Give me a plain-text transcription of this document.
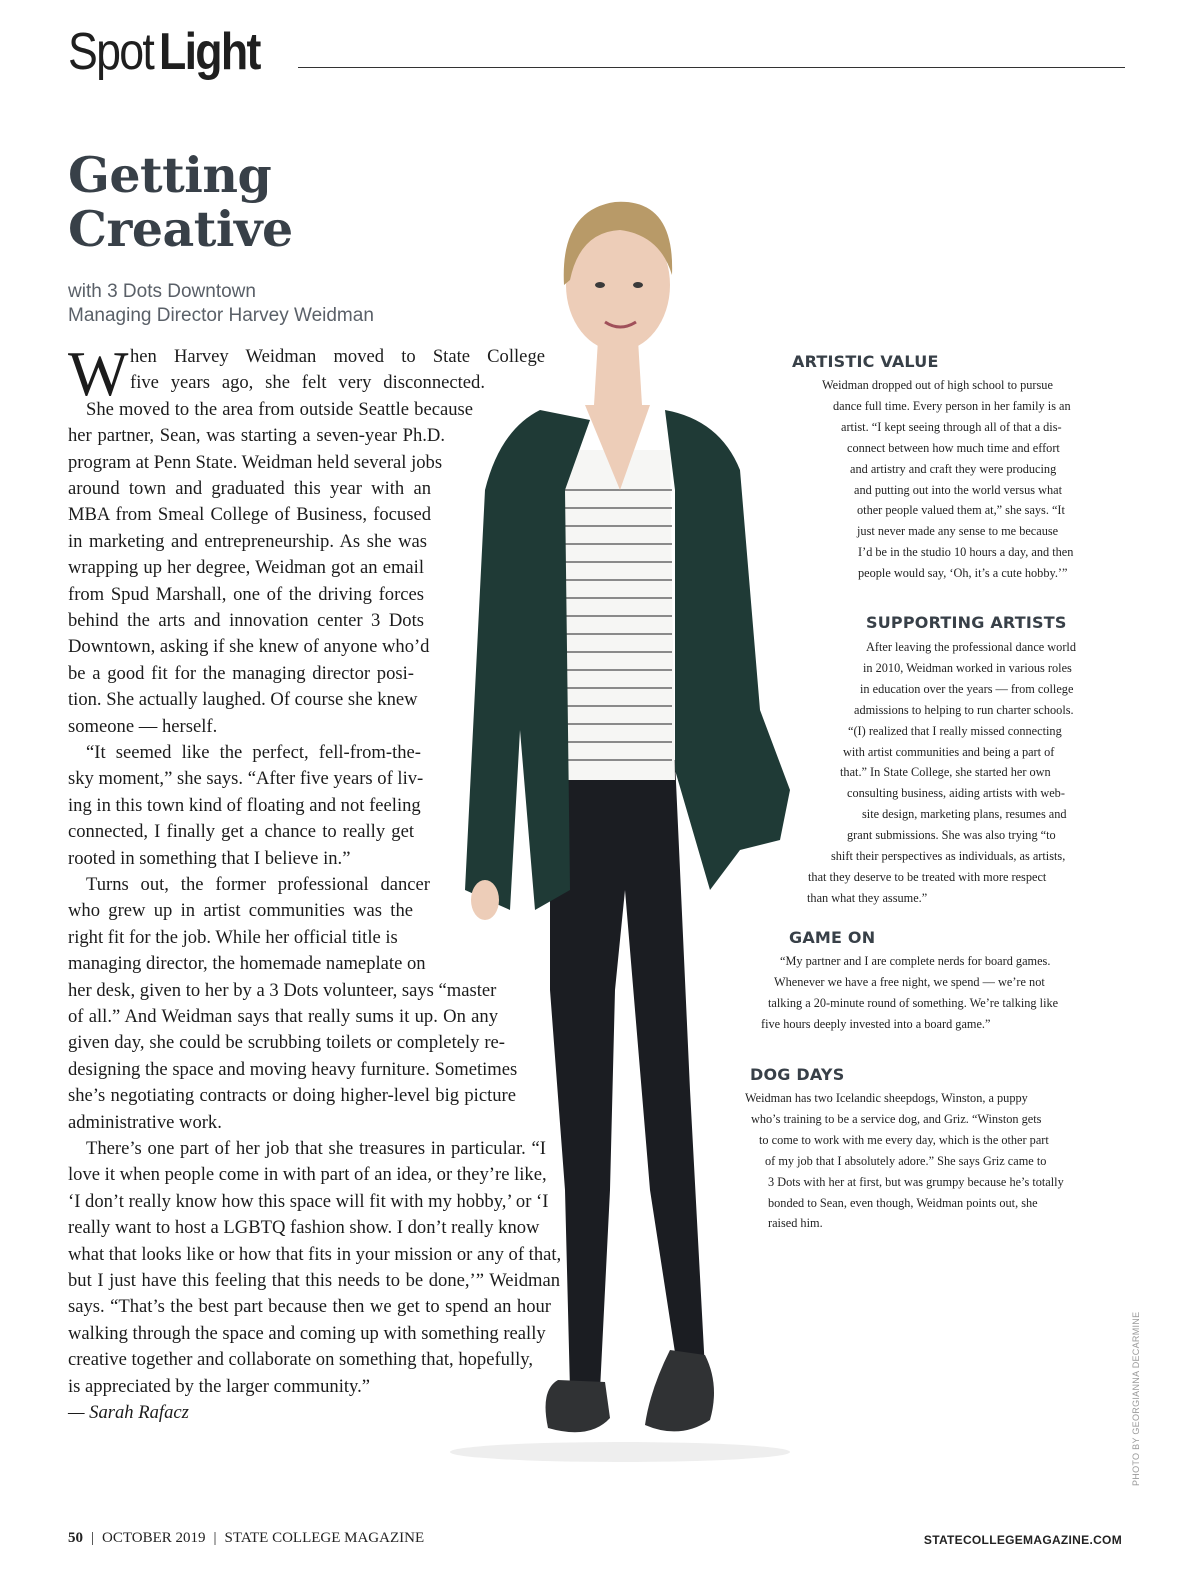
Spot Light
Getting
Creative
with 3 Dots Downtown
Managing Director Harvey Weidman
W hen Harvey Weidman moved to State College
five years ago, she felt very disconnected.
She moved to the area from outside Seattle because
her partner, Sean, was starting a seven-year Ph.D.
program at Penn State. Weidman held several jobs
around town and graduated this year with an
MBA from Smeal College of Business, focused
in marketing and entrepreneurship. As she was
wrapping up her degree, Weidman got an email
from Spud Marshall, one of the driving forces
behind the arts and innovation center 3 Dots
Downtown, asking if she knew of anyone who’d
be a good fit for the managing director posi-
tion. She actually laughed. Of course she knew
someone — herself.
“It seemed like the perfect, fell-from-the-
sky moment,” she says. “After five years of liv-
ing in this town kind of floating and not feeling
connected, I finally get a chance to really get
rooted in something that I believe in.”
Turns out, the former professional dancer
who grew up in artist communities was the
right fit for the job. While her official title is
managing director, the homemade nameplate on
her desk, given to her by a 3 Dots volunteer, says “master
of all.” And Weidman says that really sums it up. On any
given day, she could be scrubbing toilets or completely re-
designing the space and moving heavy furniture. Sometimes
she’s negotiating contracts or doing higher-level big picture
administrative work.
There’s one part of her job that she treasures in particular. “I
love it when people come in with part of an idea, or they’re like,
‘I don’t really know how this space will fit with my hobby,’ or ‘I
really want to host a LGBTQ fashion show. I don’t really know
what that looks like or how that fits in your mission or any of that,
but I just have this feeling that this needs to be done,’” Weidman
says. “That’s the best part because then we get to spend an hour
walking through the space and coming up with something really
creative together and collaborate on something that, hopefully,
is appreciated by the larger community.”
— Sarah Rafacz
ARTISTIC VALUE
Weidman dropped out of high school to pursue
dance full time. Every person in her family is an
artist. “I kept seeing through all of that a dis-
connect between how much time and effort
and artistry and craft they were producing
and putting out into the world versus what
other people valued them at,” she says. “It
just never made any sense to me because
I’d be in the studio 10 hours a day, and then
people would say, ‘Oh, it’s a cute hobby.’”
SUPPORTING ARTISTS
After leaving the professional dance world
in 2010, Weidman worked in various roles
in education over the years — from college
admissions to helping to run charter schools.
“(I) realized that I really missed connecting
with artist communities and being a part of
that.” In State College, she started her own
consulting business, aiding artists with web-
site design, marketing plans, resumes and
grant submissions. She was also trying “to
shift their perspectives as individuals, as artists,
that they deserve to be treated with more respect
than what they assume.”
GAME ON
“My partner and I are complete nerds for board games.
Whenever we have a free night, we spend — we’re not
talking a 20-minute round of something. We’re talking like
five hours deeply invested into a board game.”
DOG DAYS
Weidman has two Icelandic sheepdogs, Winston, a puppy
who’s training to be a service dog, and Griz. “Winston gets
to come to work with me every day, which is the other part
of my job that I absolutely adore.” She says Griz came to
3 Dots with her at first, but was grumpy because he’s totally
bonded to Sean, even though, Weidman points out, she
raised him.
PHOTO BY GEORGIANNA DECARMINE
50 | OCTOBER 2019 | STATE COLLEGE MAGAZINE	STATECOLLEGEMAGAZINE.COM
